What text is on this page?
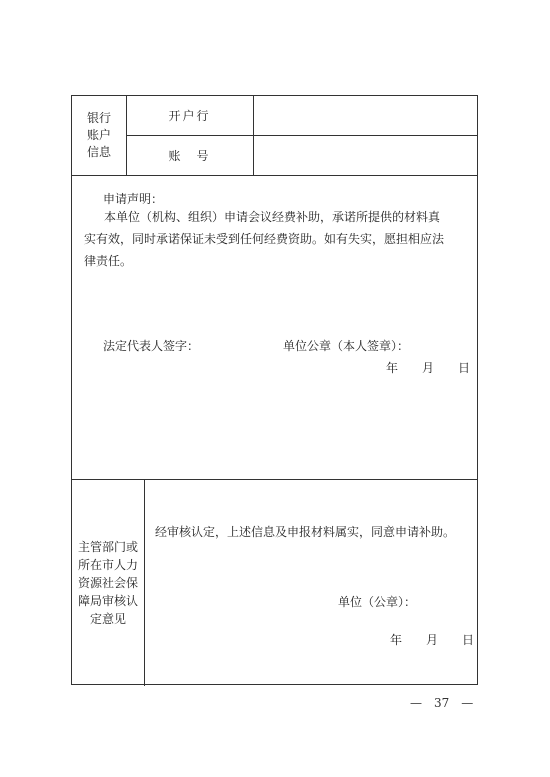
银行账户信息
开户行
账　号
申请声明：
本单位（机构、组织）申请会议经费补助，承诺所提供的材料真
实有效，同时承诺保证未受到任何经费资助。如有失实，愿担相应法
律责任。
法定代表人签字：	单位公章（本人签章）：
年　月　日
主管部门或所在市人力资源社会保障局审核认定意见
经审核认定，上述信息及申报材料属实，同意申请补助。
单位（公章）：
年　月　日
—　37　—
